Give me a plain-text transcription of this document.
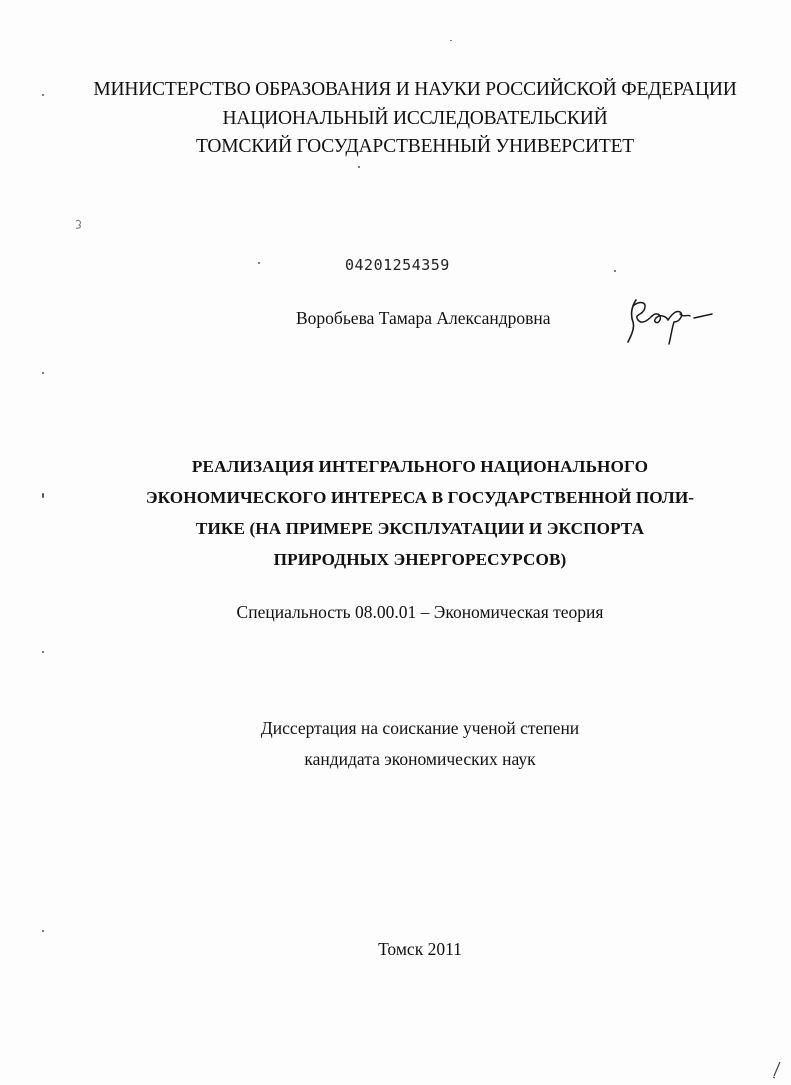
МИНИСТЕРСТВО ОБРАЗОВАНИЯ И НАУКИ РОССИЙСКОЙ ФЕДЕРАЦИИ
НАЦИОНАЛЬНЫЙ ИССЛЕДОВАТЕЛЬСКИЙ
ТОМСКИЙ ГОСУДАРСТВЕННЫЙ УНИВЕРСИТЕТ
04201254359
Воробьева Тамара Александровна
РЕАЛИЗАЦИЯ ИНТЕГРАЛЬНОГО НАЦИОНАЛЬНОГО
ЭКОНОМИЧЕСКОГО ИНТЕРЕСА В ГОСУДАРСТВЕННОЙ ПОЛИ-
ТИКЕ (НА ПРИМЕРЕ ЭКСПЛУАТАЦИИ И ЭКСПОРТА
ПРИРОДНЫХ ЭНЕРГОРЕСУРСОВ)
Специальность 08.00.01 – Экономическая теория
Диссертация на соискание ученой степени
кандидата экономических наук
Томск 2011
